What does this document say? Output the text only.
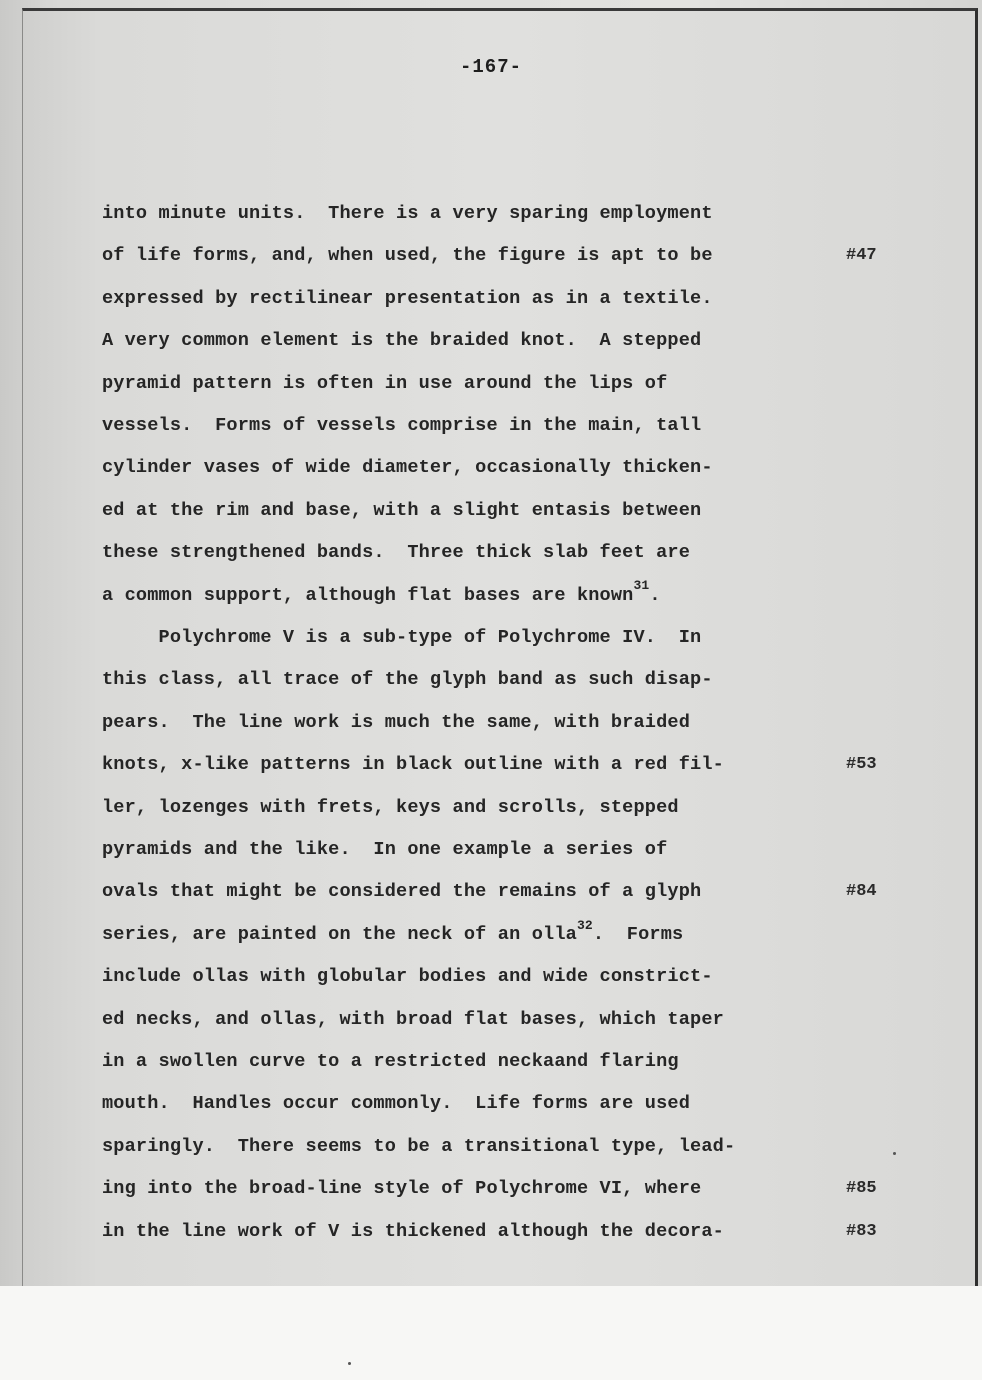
-167-
into minute units.  There is a very sparing employment
of life forms, and, when used, the figure is apt to be
expressed by rectilinear presentation as in a textile.
A very common element is the braided knot.  A stepped
pyramid pattern is often in use around the lips of
vessels.  Forms of vessels comprise in the main, tall
cylinder vases of wide diameter, occasionally thicken-
ed at the rim and base, with a slight entasis between
these strengthened bands.  Three thick slab feet are
a common support, although flat bases are known$^{31}$.
Polychrome V is a sub-type of Polychrome IV.  In
this class, all trace of the glyph band as such disap-
pears.  The line work is much the same, with braided
knots, x-like patterns in black outline with a red fil-
ler, lozenges with frets, keys and scrolls, stepped
pyramids and the like.  In one example a series of
ovals that might be considered the remains of a glyph
series, are painted on the neck of an olla$^{32}$.  Forms
include ollas with globular bodies and wide constrict-
ed necks, and ollas, with broad flat bases, which taper
in a swollen curve to a restricted neckaand flaring
mouth.  Handles occur commonly.  Life forms are used
sparingly.  There seems to be a transitional type, lead-
ing into the broad-line style of Polychrome VI, where
in the line work of V is thickened although the decora-
#47
#53
#84
#85
#83
